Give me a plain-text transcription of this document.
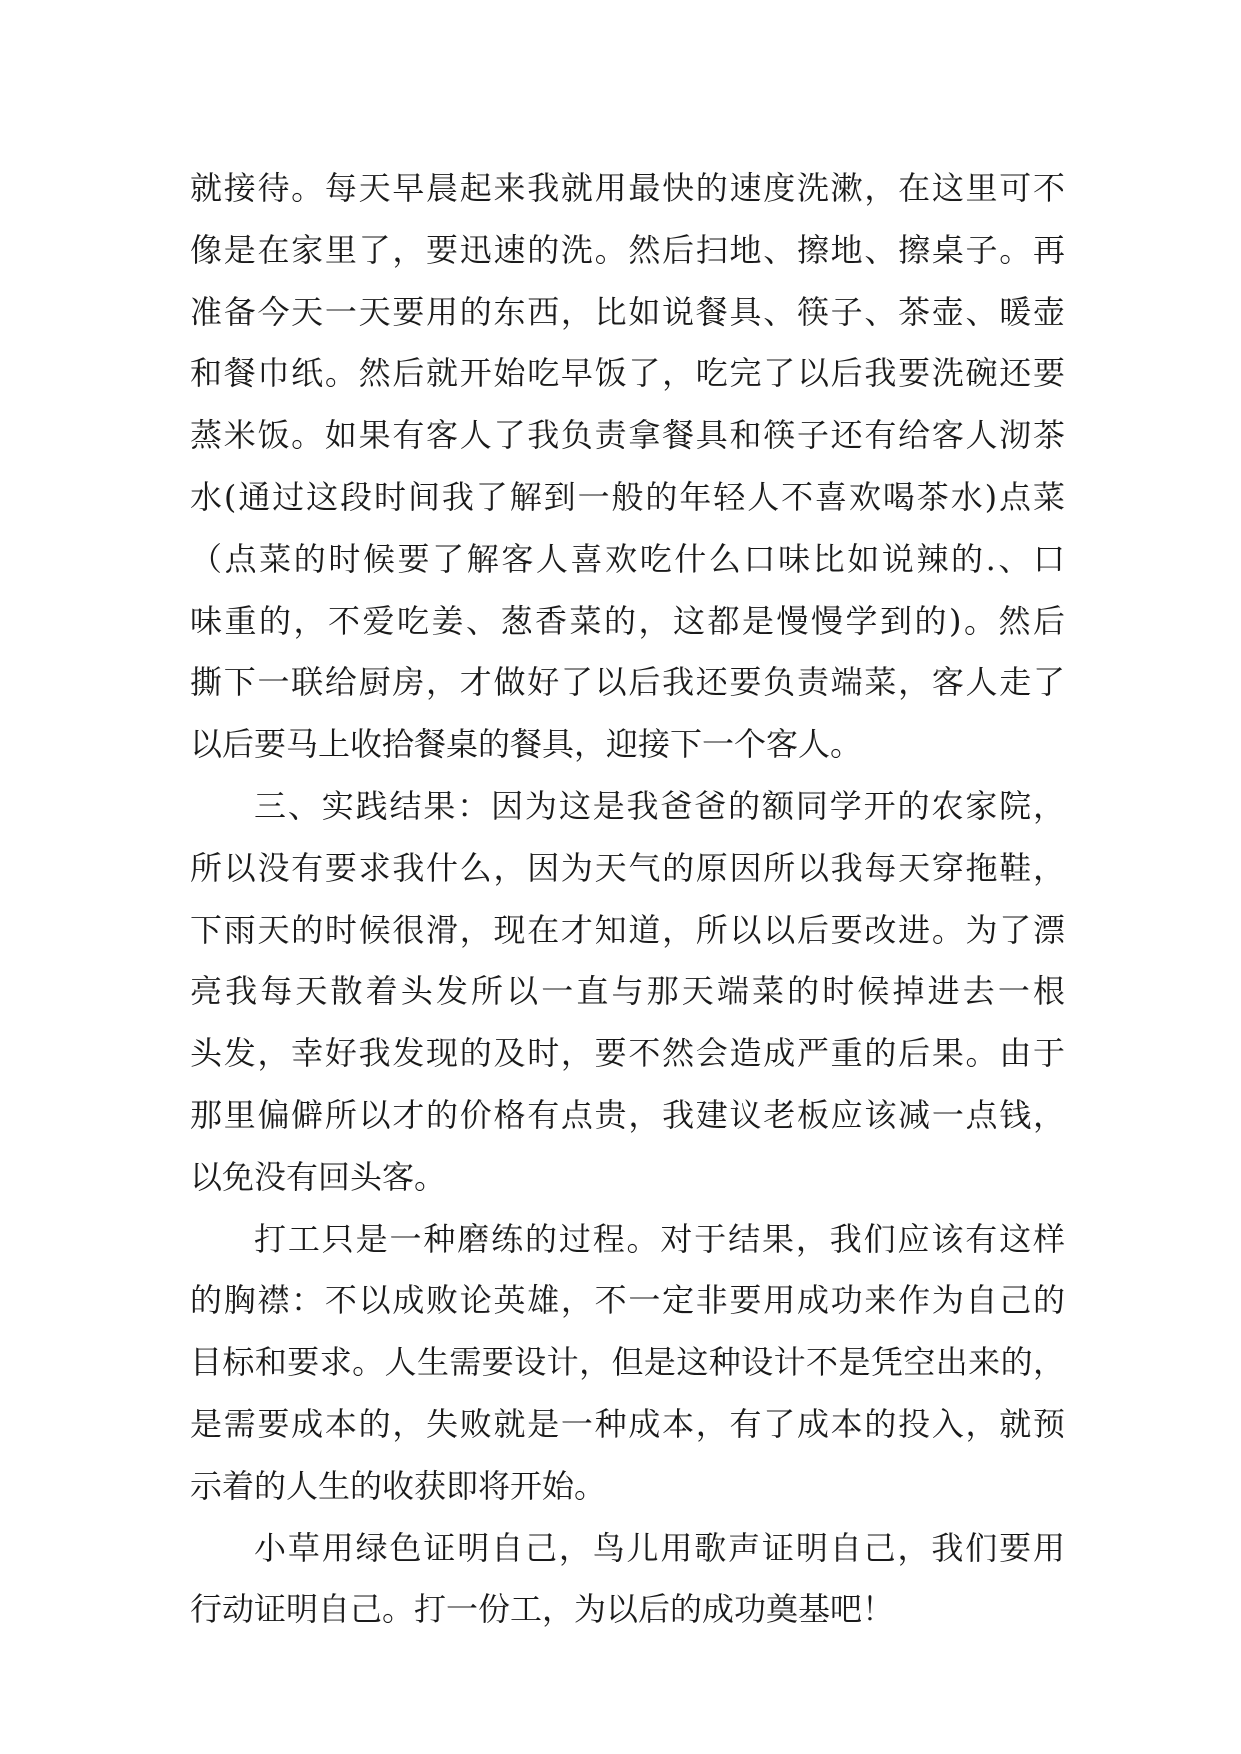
就接待。每天早晨起来我就用最快的速度洗漱，在这里可不
像是在家里了，要迅速的洗。然后扫地、擦地、擦桌子。再
准备今天一天要用的东西，比如说餐具、筷子、茶壶、暖壶
和餐巾纸。然后就开始吃早饭了，吃完了以后我要洗碗还要
蒸米饭。如果有客人了我负责拿餐具和筷子还有给客人沏茶
水(通过这段时间我了解到一般的年轻人不喜欢喝茶水)点菜
（点菜的时候要了解客人喜欢吃什么口味比如说辣的.、口
味重的，不爱吃姜、葱香菜的，这都是慢慢学到的)。然后
撕下一联给厨房，才做好了以后我还要负责端菜，客人走了
以后要马上收拾餐桌的餐具，迎接下一个客人。
三、实践结果：因为这是我爸爸的额同学开的农家院，
所以没有要求我什么，因为天气的原因所以我每天穿拖鞋，
下雨天的时候很滑，现在才知道，所以以后要改进。为了漂
亮我每天散着头发所以一直与那天端菜的时候掉进去一根
头发，幸好我发现的及时，要不然会造成严重的后果。由于
那里偏僻所以才的价格有点贵，我建议老板应该减一点钱，
以免没有回头客。
打工只是一种磨练的过程。对于结果，我们应该有这样
的胸襟：不以成败论英雄，不一定非要用成功来作为自己的
目标和要求。人生需要设计，但是这种设计不是凭空出来的，
是需要成本的，失败就是一种成本，有了成本的投入，就预
示着的人生的收获即将开始。
小草用绿色证明自己，鸟儿用歌声证明自己，我们要用
行动证明自己。打一份工，为以后的成功奠基吧！
